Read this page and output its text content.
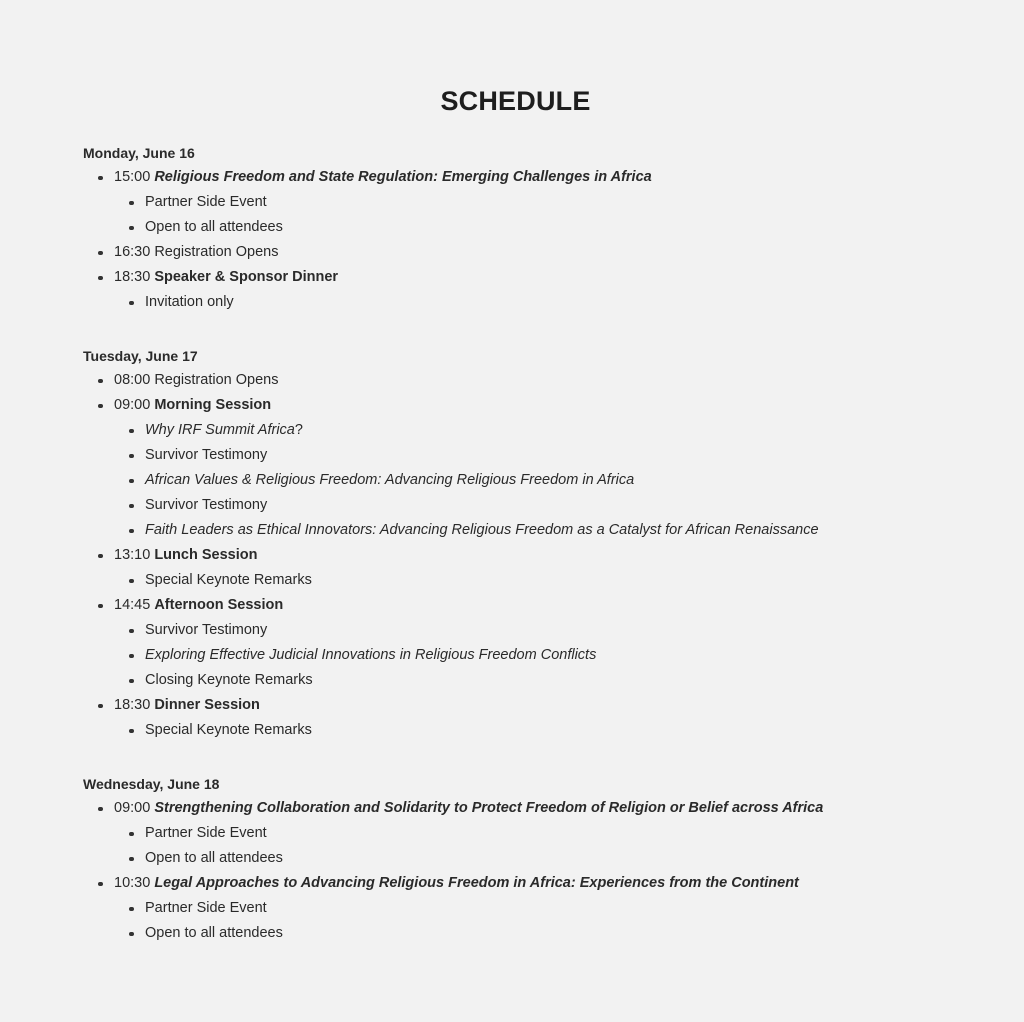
SCHEDULE
Monday, June 16
15:00 Religious Freedom and State Regulation: Emerging Challenges in Africa
Partner Side Event
Open to all attendees
16:30 Registration Opens
18:30 Speaker & Sponsor Dinner
Invitation only
Tuesday, June 17
08:00 Registration Opens
09:00 Morning Session
Why IRF Summit Africa?
Survivor Testimony
African Values & Religious Freedom: Advancing Religious Freedom in Africa
Survivor Testimony
Faith Leaders as Ethical Innovators: Advancing Religious Freedom as a Catalyst for African Renaissance
13:10 Lunch Session
Special Keynote Remarks
14:45 Afternoon Session
Survivor Testimony
Exploring Effective Judicial Innovations in Religious Freedom Conflicts
Closing Keynote Remarks
18:30 Dinner Session
Special Keynote Remarks
Wednesday, June 18
09:00 Strengthening Collaboration and Solidarity to Protect Freedom of Religion or Belief across Africa
Partner Side Event
Open to all attendees
10:30 Legal Approaches to Advancing Religious Freedom in Africa: Experiences from the Continent
Partner Side Event
Open to all attendees
